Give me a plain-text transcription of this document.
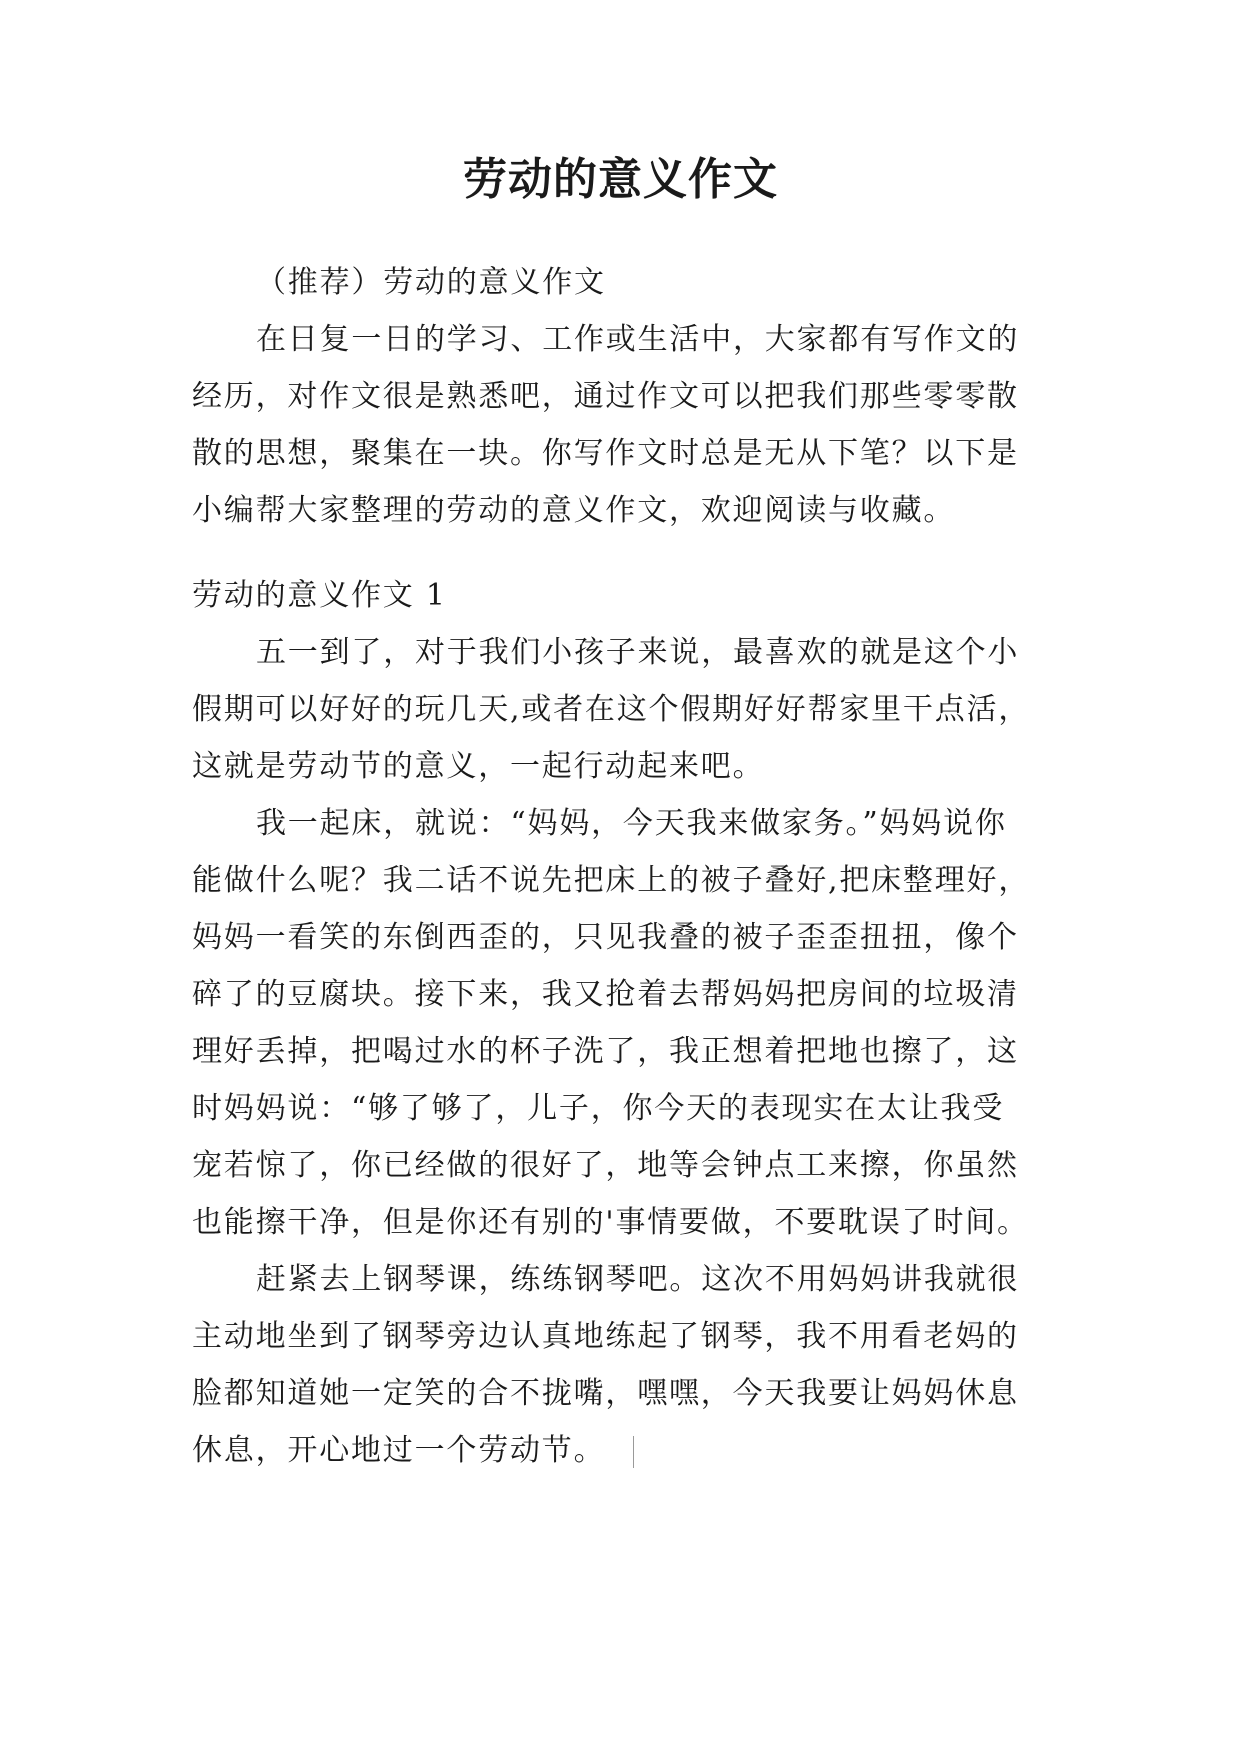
劳动的意义作文
（推荐）劳动的意义作文
在日复一日的学习、工作或生活中，大家都有写作文的
经历，对作文很是熟悉吧，通过作文可以把我们那些零零散
散的思想，聚集在一块。你写作文时总是无从下笔？以下是
小编帮大家整理的劳动的意义作文，欢迎阅读与收藏。
劳动的意义作文 1
五一到了，对于我们小孩子来说，最喜欢的就是这个小
假期可以好好的玩几天,或者在这个假期好好帮家里干点活，
这就是劳动节的意义，一起行动起来吧。
我一起床，就说：“妈妈，今天我来做家务。”妈妈说你
能做什么呢？我二话不说先把床上的被子叠好,把床整理好，
妈妈一看笑的东倒西歪的，只见我叠的被子歪歪扭扭，像个
碎了的豆腐块。接下来，我又抢着去帮妈妈把房间的垃圾清
理好丢掉，把喝过水的杯子洗了，我正想着把地也擦了，这
时妈妈说：“够了够了，儿子，你今天的表现实在太让我受
宠若惊了，你已经做的很好了，地等会钟点工来擦，你虽然
也能擦干净，但是你还有别的'事情要做，不要耽误了时间。
赶紧去上钢琴课，练练钢琴吧。这次不用妈妈讲我就很
主动地坐到了钢琴旁边认真地练起了钢琴，我不用看老妈的
脸都知道她一定笑的合不拢嘴，嘿嘿，今天我要让妈妈休息
休息，开心地过一个劳动节。
